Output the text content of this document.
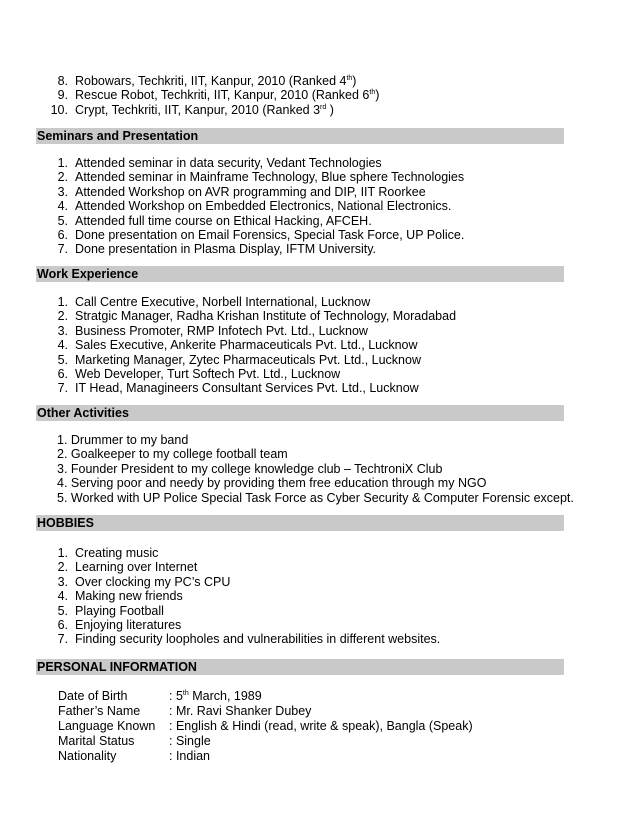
8. Robowars, Techkriti, IIT, Kanpur, 2010 (Ranked 4th)
9. Rescue Robot, Techkriti, IIT, Kanpur, 2010 (Ranked 6th)
10. Crypt, Techkriti, IIT, Kanpur, 2010 (Ranked 3rd )
Seminars and Presentation
1. Attended seminar in data security, Vedant Technologies
2. Attended seminar in Mainframe Technology, Blue sphere Technologies
3. Attended Workshop on AVR programming and DIP, IIT Roorkee
4. Attended Workshop on Embedded Electronics, National Electronics.
5. Attended full time course on Ethical Hacking, AFCEH.
6. Done presentation on Email Forensics, Special Task Force, UP Police.
7. Done presentation in Plasma Display, IFTM University.
Work Experience
1. Call Centre Executive, Norbell International, Lucknow
2. Stratgic Manager, Radha Krishan Institute of Technology, Moradabad
3. Business Promoter, RMP Infotech Pvt. Ltd., Lucknow
4. Sales Executive, Ankerite Pharmaceuticals Pvt. Ltd., Lucknow
5. Marketing Manager, Zytec Pharmaceuticals Pvt. Ltd., Lucknow
6. Web Developer, Turt Softech Pvt. Ltd., Lucknow
7. IT Head, Managineers Consultant Services Pvt. Ltd., Lucknow
Other Activities
1. Drummer to my band
2. Goalkeeper to my college football team
3. Founder President to my college knowledge club – TechtroniX Club
4. Serving poor and needy by providing them free education through my NGO
5. Worked with UP Police Special Task Force as Cyber Security & Computer Forensic except.
HOBBIES
1. Creating music
2. Learning over Internet
3. Over clocking my PC’s CPU
4. Making new friends
5. Playing Football
6. Enjoying literatures
7. Finding security loopholes and vulnerabilities in different websites.
PERSONAL INFORMATION
Date of Birth	: 5th March, 1989
Father’s Name : Mr. Ravi Shanker Dubey
Language Known : English & Hindi (read, write & speak), Bangla (Speak)
Marital Status	: Single
Nationality	: Indian
